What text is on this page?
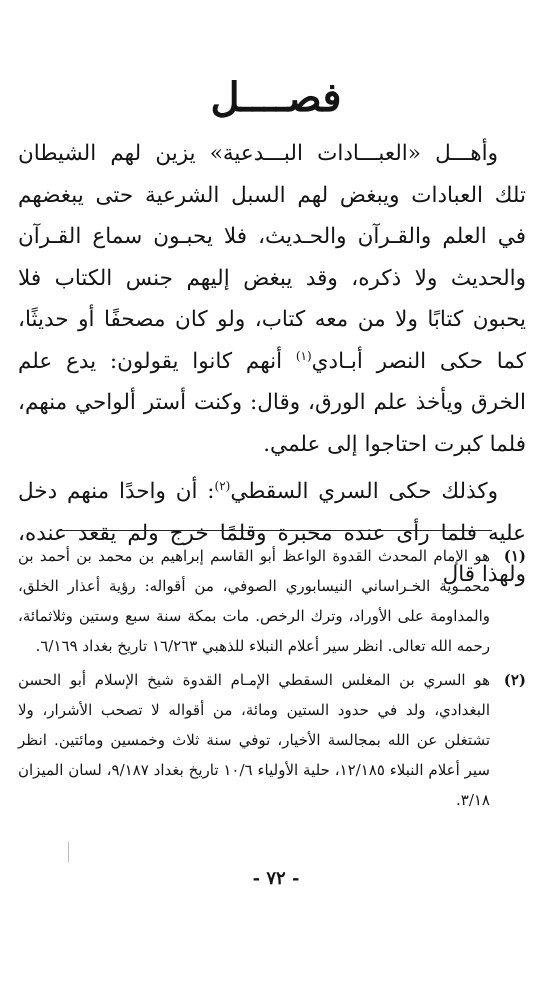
فصــــل

وأهـــل «العبـــادات البـــدعية» يزين لهم الشيطان تلك العبادات ويبغض لهم السبل الشرعية حتى يبغضهم في العلم والقـرآن والحـديث، فلا يحبـون سماع القـرآن والحديث ولا ذكره، وقد يبغض إليهم جنس الكتاب فلا يحبون كتابًا ولا من معه كتاب، ولو كان مصحفًا أو حديثًا، كما حكى النصر أبـادي$^{(١)}$ أنهم كانوا يقولون: يدع علم الخرق ويأخذ علم الورق، وقال: وكنت أستر ألواحي منهم، فلما كبرت احتاجوا إلى علمي.

وكذلك حكى السري السقطي$^{(٢)}$: أن واحدًا منهم دخل عليه فلما رأى عنده محبرة وقلمًا خرج ولم يقعد عنده، ولهذا قال

(١)
هو الإمام المحدث القدوة الواعظ أبو القاسم إبراهيم بن محمد بن أحمد بن محمـوية الخـراساني النيسابوري الصوفي، من أقواله: رؤية أعذار الخلق، والمداومة على الأوراد، وترك الرخص. مات بمكة سنة سبع وستين وثلاثمائة، رحمه الله تعالى. انظر سير أعلام النبلاء للذهبي ١٦/٢٦٣ تاريخ بغداد ٦/١٦٩.
(٢)
هو السري بن المغلس السقطي الإمـام القدوة شيخ الإسلام أبو الحسن البغدادي، ولد في حدود الستين ومائة، من أقواله لا تصحب الأشرار، ولا تشتغلن عن الله بمجالسة الأخيار، توفي سنة ثلاث وخمسين ومائتين. انظر سير أعلام النبلاء ١٢/١٨٥، حلية الأولياء ١٠/٦ تاريخ بغداد ٩/١٨٧، لسان الميزان ٣/١٨.
- ٧٢ -
